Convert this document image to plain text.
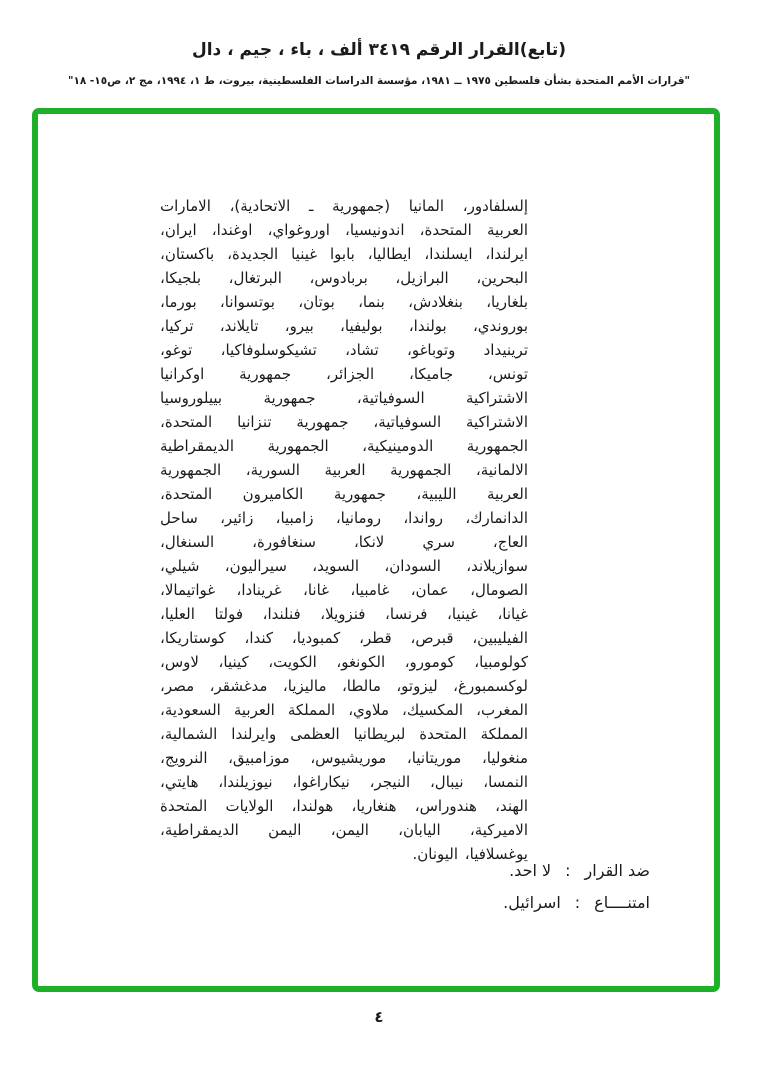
(تابع)القرار الرقم ٣٤١٩ ألف ، باء ، جيم ، دال
"قرارات الأمم المتحدة بشأن فلسطين ١٩٧٥ ــ ١٩٨١، مؤسسة الدراسات الفلسطينية، بيروت، ط ١، ١٩٩٤، مج ٢، ص١٥- ١٨"
إلسلفادور، المانيا (جمهورية ـ الاتحادية)، الامارات
العربية المتحدة، اندونيسيا، اوروغواي، اوغندا، ايران،
ايرلندا، ايسلندا، ايطاليا، بابوا غينيا الجديدة، باكستان،
البحرين، البرازيل، بربادوس، البرتغال، بلجيكا،
بلغاريا، بنغلادش، بنما، بوتان، بوتسوانا، بورما،
بوروندي، بولندا، بوليفيا، بيرو، تايلاند، تركيا،
ترينيداد وتوباغو، تشاد، تشيكوسلوفاكيا، توغو،
تونس، جاميكا، الجزائر، جمهورية اوكرانيا
الاشتراكية السوفياتية، جمهورية بييلوروسيا
الاشتراكية السوفياتية، جمهورية تنزانيا المتحدة،
الجمهورية الدومينيكية، الجمهورية الديمقراطية
الالمانية، الجمهورية العربية السورية، الجمهورية
العربية الليبية، جمهورية الكاميرون المتحدة،
الدانمارك، رواندا، رومانيا، زامبيا، زائير، ساحل
العاج، سري لانكا، سنغافورة، السنغال،
سوازيلاند، السودان، السويد، سيراليون، شيلي،
الصومال، عمان، غامبيا، غانا، غرينادا، غواتيمالا،
غيانا، غينيا، فرنسا، فنزويلا، فنلندا، فولتا العليا،
الفيليبين، قبرص، قطر، كمبوديا، كندا، كوستاريكا،
كولومبيا، كومورو، الكونغو، الكويت، كينيا، لاوس،
لوكسمبورغ، ليزوتو، مالطا، ماليزيا، مدغشقر، مصر،
المغرب، المكسيك، ملاوي، المملكة العربية السعودية،
المملكة المتحدة لبريطانيا العظمى وايرلندا الشمالية،
منغوليا، موريتانيا، موريشيوس، موزامبيق، النرويج،
النمسا، نيبال، النيجر، نيكاراغوا، نيوزيلندا، هايتي،
الهند، هندوراس، هنغاريا، هولندا، الولايات المتحدة
الاميركية، اليابان، اليمن، اليمن الديمقراطية،
يوغسلافيا، اليونان.
ضد القرار:لا احد.
امتنــــاع:اسرائيل.
٤
